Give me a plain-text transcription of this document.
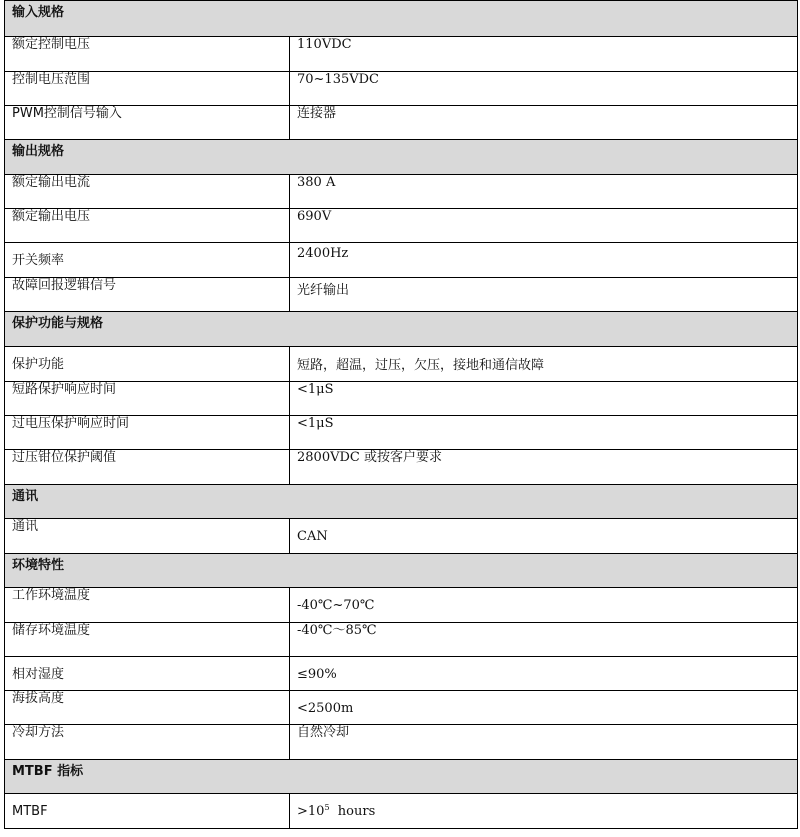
输入规格	
额定控制电压	110VDC
控制电压范围	70~135VDC
PWM控制信号输入	连接器
输出规格	
额定输出电流	380 A
额定输出电压	690V
开关频率	2400Hz
故障回报逻辑信号	光纤输出
保护功能与规格	
保护功能	短路，超温，过压，欠压，接地和通信故障
短路保护响应时间	<1μS
过电压保护响应时间	<1μS
过压钳位保护阈值	2800VDC 或按客户要求
通讯	
通讯	CAN
环境特性	
工作环境温度	-40℃~70℃
储存环境温度	-40℃～85℃
相对湿度	≤90%
海拔高度	<2500m
冷却方法	自然冷却
MTBF 指标	
MTBF	$>10^5$  hours
